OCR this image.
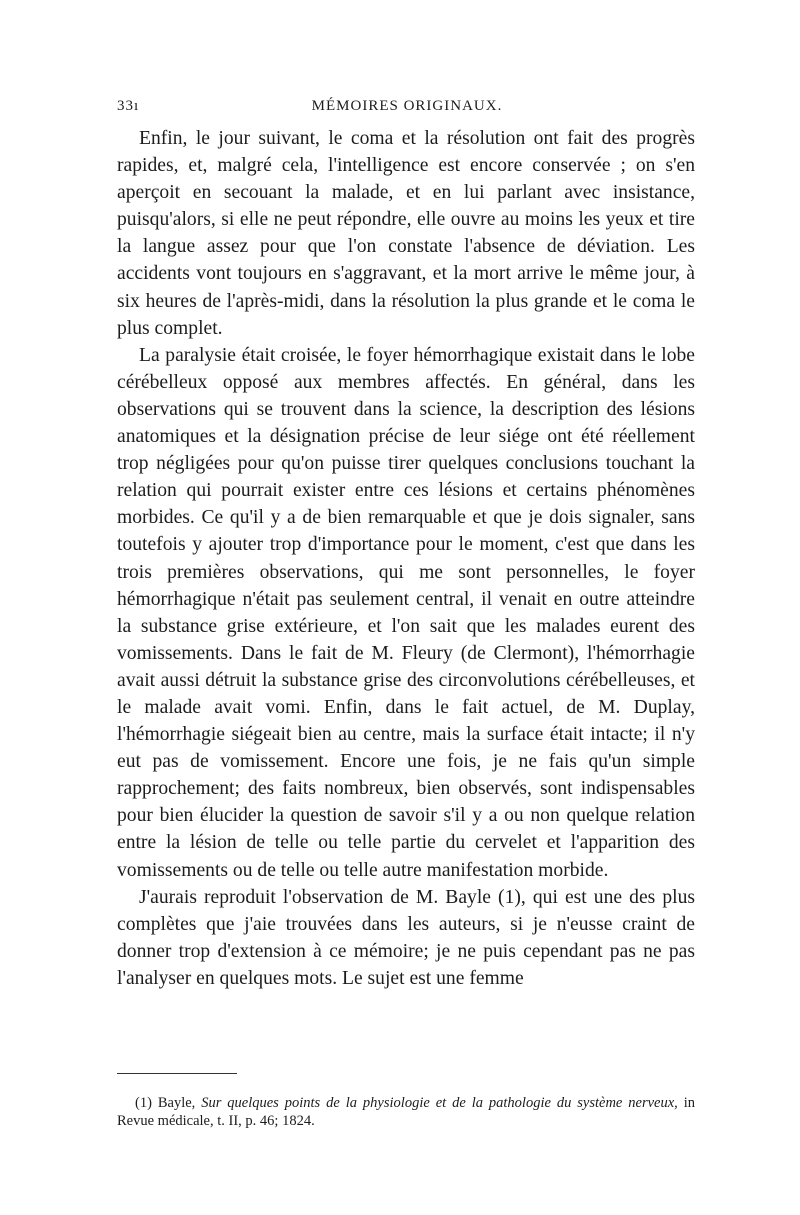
33ı	MÉMOIRES ORIGINAUX.

Enfin, le jour suivant, le coma et la résolution ont fait des progrès rapides, et, malgré cela, l'intelligence est encore conservée ; on s'en aperçoit en secouant la malade, et en lui parlant avec insistance, puisqu'alors, si elle ne peut répondre, elle ouvre au moins les yeux et tire la langue assez pour que l'on constate l'absence de déviation. Les accidents vont toujours en s'aggravant, et la mort arrive le même jour, à six heures de l'après-midi, dans la résolution la plus grande et le coma le plus complet.

La paralysie était croisée, le foyer hémorrhagique existait dans le lobe cérébelleux opposé aux membres affectés. En général, dans les observations qui se trouvent dans la science, la description des lésions anatomiques et la désignation précise de leur siége ont été réellement trop négligées pour qu'on puisse tirer quelques conclusions touchant la relation qui pourrait exister entre ces lésions et certains phénomènes morbides. Ce qu'il y a de bien remarquable et que je dois signaler, sans toutefois y ajouter trop d'importance pour le moment, c'est que dans les trois premières observations, qui me sont personnelles, le foyer hémorrhagique n'était pas seulement central, il venait en outre atteindre la substance grise extérieure, et l'on sait que les malades eurent des vomissements. Dans le fait de M. Fleury (de Clermont), l'hémorrhagie avait aussi détruit la substance grise des circonvolutions cérébelleuses, et le malade avait vomi. Enfin, dans le fait actuel, de M. Duplay, l'hémorrhagie siégeait bien au centre, mais la surface était intacte; il n'y eut pas de vomissement. Encore une fois, je ne fais qu'un simple rapprochement; des faits nombreux, bien observés, sont indispensables pour bien élucider la question de savoir s'il y a ou non quelque relation entre la lésion de telle ou telle partie du cervelet et l'apparition des vomissements ou de telle ou telle autre manifestation morbide.

J'aurais reproduit l'observation de M. Bayle (1), qui est une des plus complètes que j'aie trouvées dans les auteurs, si je n'eusse craint de donner trop d'extension à ce mémoire; je ne puis cependant pas ne pas l'analyser en quelques mots. Le sujet est une femme

(1) Bayle, Sur quelques points de la physiologie et de la pathologie du système nerveux, in Revue médicale, t. II, p. 46; 1824.
